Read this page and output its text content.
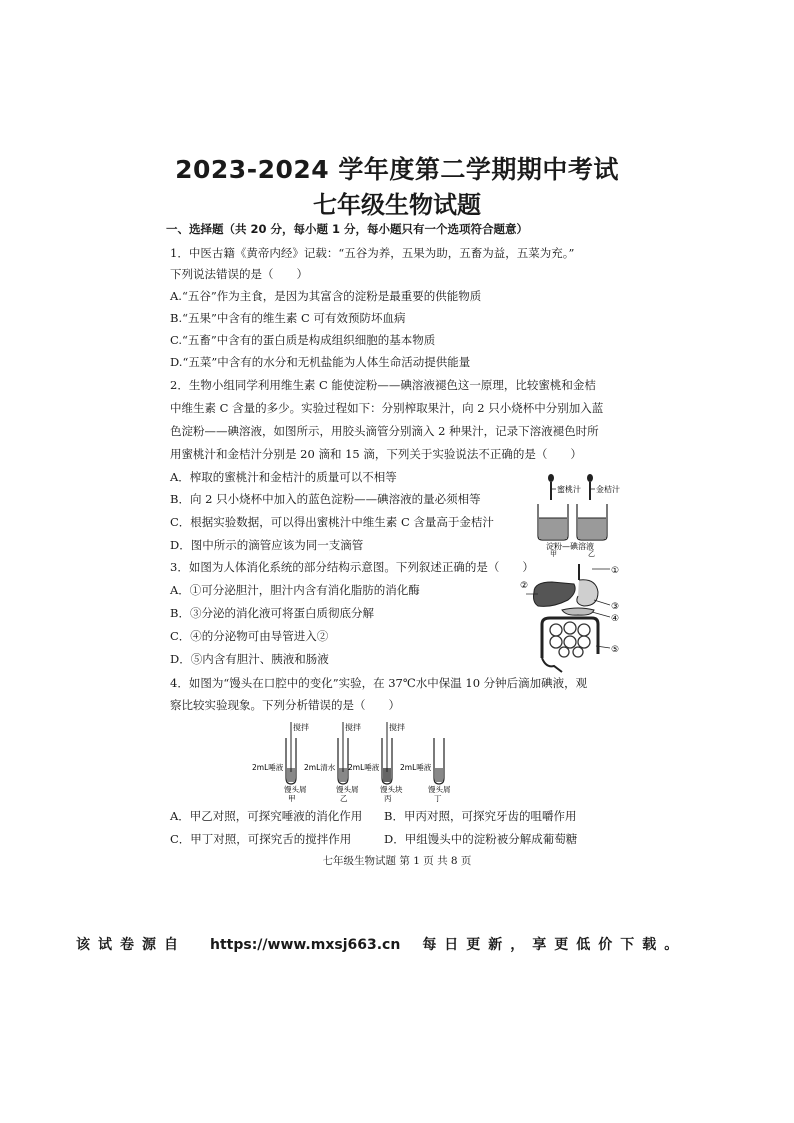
2023-2024 学年度第二学期期中考试
七年级生物试题
一、选择题（共 20 分，每小题 1 分，每小题只有一个选项符合题意）
1．中医古籍《黄帝内经》记载：“五谷为养，五果为助，五畜为益，五菜为充。”
下列说法错误的是（　　）
A.“五谷”作为主食，是因为其富含的淀粉是最重要的供能物质
B.“五果”中含有的维生素 C 可有效预防坏血病
C.“五畜”中含有的蛋白质是构成组织细胞的基本物质
D.“五菜”中含有的水分和无机盐能为人体生命活动提供能量
2．生物小组同学利用维生素 C 能使淀粉——碘溶液褪色这一原理，比较蜜桃和金桔
中维生素 C 含量的多少。实验过程如下：分别榨取果汁，向 2 只小烧杯中分别加入蓝
色淀粉——碘溶液，如图所示，用胶头滴管分别滴入 2 种果汁，记录下溶液褪色时所
用蜜桃汁和金桔汁分别是 20 滴和 15 滴，下列关于实验说法不正确的是（　　）
A．榨取的蜜桃汁和金桔汁的质量可以不相等
B．向 2 只小烧杯中加入的蓝色淀粉——碘溶液的量必须相等
C．根据实验数据，可以得出蜜桃汁中维生素 C 含量高于金桔汁
D．图中所示的滴管应该为同一支滴管
蜜桃汁 金桔汁
淀粉—碘溶液
甲	乙
3．如图为人体消化系统的部分结构示意图。下列叙述正确的是（　　）
A．①可分泌胆汁，胆汁内含有消化脂肪的消化酶
B．③分泌的消化液可将蛋白质彻底分解
C．④的分泌物可由导管进入②
D．⑤内含有胆汁、胰液和肠液
①
②
③
④
⑤
4．如图为“馒头在口腔中的变化”实验，在 37℃水中保温 10 分钟后滴加碘液，观
察比较实验现象。下列分析错误的是（　　）
搅拌
2mL唾液
馒头屑
甲
搅拌
2mL清水
馒头屑
乙
搅拌
2mL唾液
馒头块
丙
2mL唾液
馒头屑
丁
A．甲乙对照，可探究唾液的消化作用 B．甲丙对照，可探究牙齿的咀嚼作用
C．甲丁对照，可探究舌的搅拌作用	D．甲组馒头中的淀粉被分解成葡萄糖
七年级生物试题 第 1 页 共 8 页
该试卷源自 https://www.mxsj663.cn 每日更新，享更低价下载。
